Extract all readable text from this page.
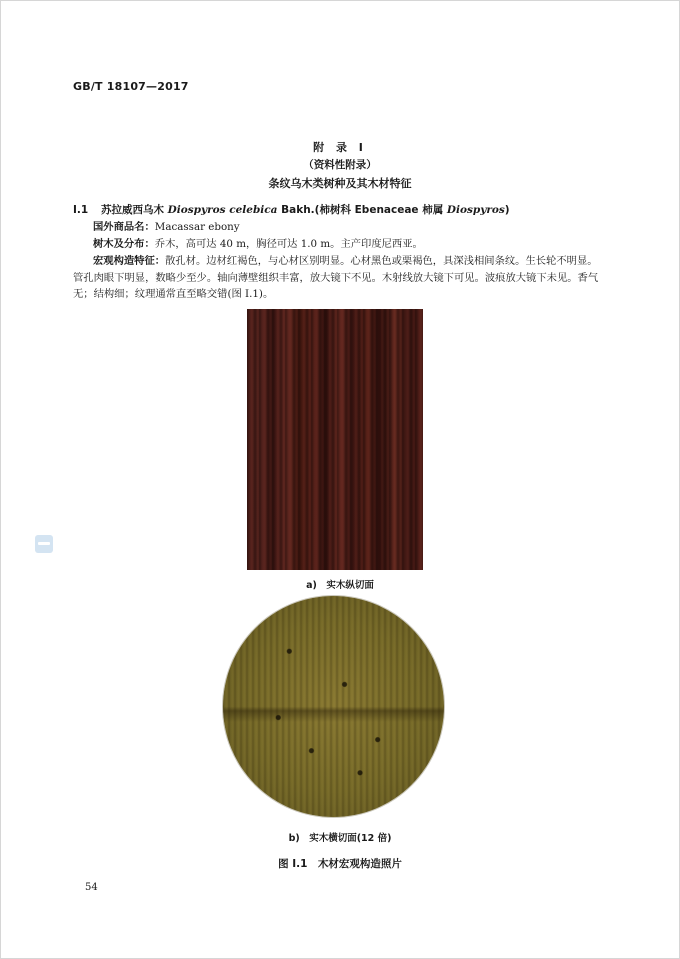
GB/T 18107—2017
附 录 I
（资料性附录）
条纹乌木类树种及其木材特征
I.1 苏拉威西乌木 Diospyros celebica Bakh.(柿树科 Ebenaceae 柿属 Diospyros)
国外商品名：Macassar ebony
树木及分布：乔木，高可达 40 m，胸径可达 1.0 m。主产印度尼西亚。
宏观构造特征：散孔材。边材红褐色，与心材区别明显。心材黑色或栗褐色，具深浅相间条纹。生长轮不明显。管孔肉眼下明显，数略少至少。轴向薄壁组织丰富，放大镜下不见。木射线放大镜下可见。波痕放大镜下未见。香气无；结构细；纹理通常直至略交错(图 I.1)。
a)　实木纵切面
b)　实木横切面(12 倍)
图 I.1　木材宏观构造照片
54
